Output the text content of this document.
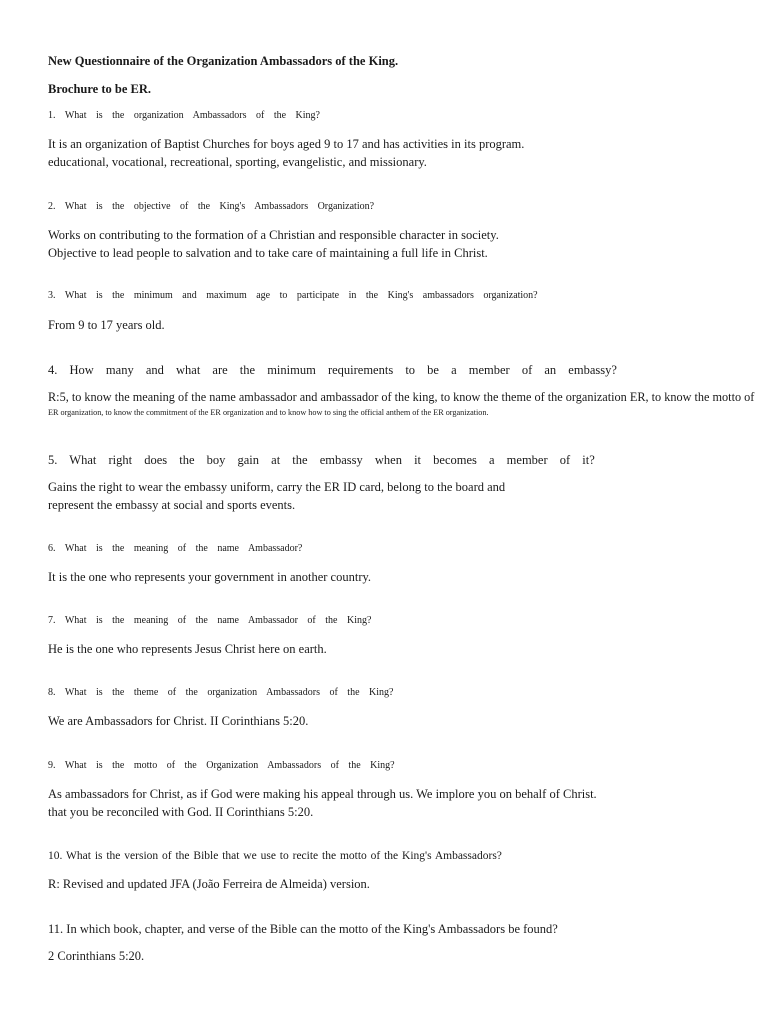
New Questionnaire of the Organization Ambassadors of the King.
Brochure to be ER.
1. What is the organization Ambassadors of the King?
It is an organization of Baptist Churches for boys aged 9 to 17 and has activities in its program.
educational, vocational, recreational, sporting, evangelistic, and missionary.
2. What is the objective of the King's Ambassadors Organization?
Works on contributing to the formation of a Christian and responsible character in society.
Objective to lead people to salvation and to take care of maintaining a full life in Christ.
3. What is the minimum and maximum age to participate in the King's ambassadors organization?
From 9 to 17 years old.
4. How many and what are the minimum requirements to be a member of an embassy?
R:5, to know the meaning of the name ambassador and ambassador of the king, to know the theme of the organization ER, to know the motto of
ER organization, to know the commitment of the ER organization and to know how to sing the official anthem of the ER organization.
5. What right does the boy gain at the embassy when it becomes a member of it?
Gains the right to wear the embassy uniform, carry the ER ID card, belong to the board and
represent the embassy at social and sports events.
6. What is the meaning of the name Ambassador?
It is the one who represents your government in another country.
7. What is the meaning of the name Ambassador of the King?
He is the one who represents Jesus Christ here on earth.
8. What is the theme of the organization Ambassadors of the King?
We are Ambassadors for Christ. II Corinthians 5:20.
9. What is the motto of the Organization Ambassadors of the King?
As ambassadors for Christ, as if God were making his appeal through us. We implore you on behalf of Christ.
that you be reconciled with God. II Corinthians 5:20.
10. What is the version of the Bible that we use to recite the motto of the King's Ambassadors?
R: Revised and updated JFA (João Ferreira de Almeida) version.
11. In which book, chapter, and verse of the Bible can the motto of the King's Ambassadors be found?
2 Corinthians 5:20.
